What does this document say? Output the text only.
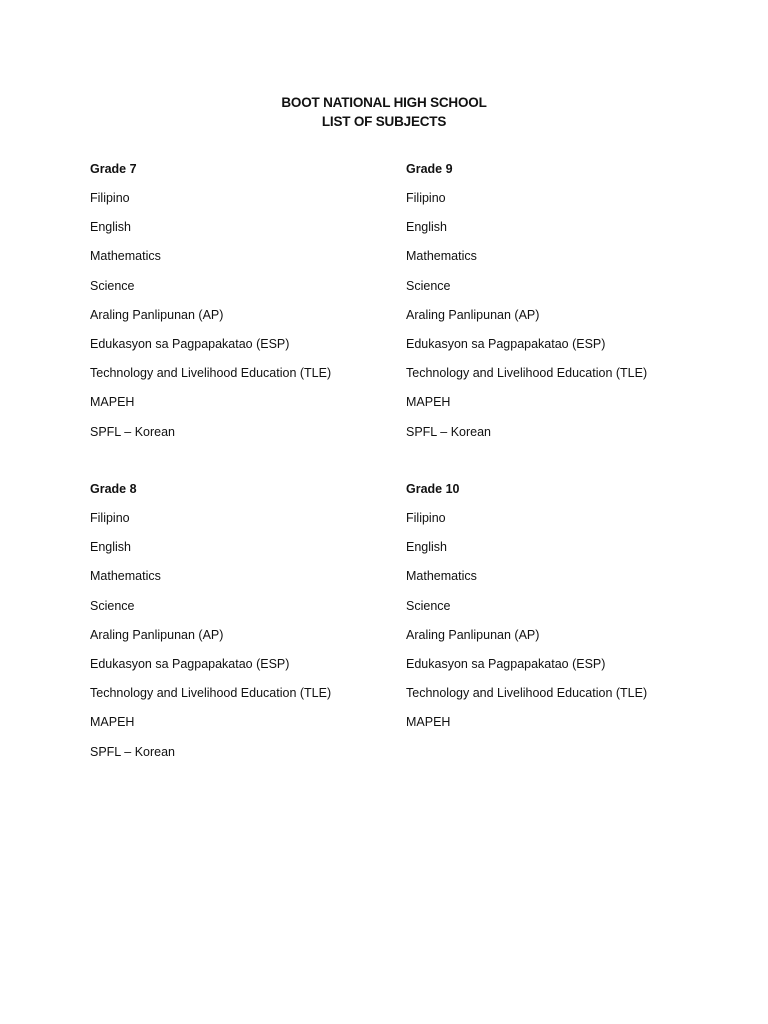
BOOT NATIONAL HIGH SCHOOL
LIST OF SUBJECTS
Grade 7
Filipino
English
Mathematics
Science
Araling Panlipunan (AP)
Edukasyon sa Pagpapakatao (ESP)
Technology and Livelihood Education (TLE)
MAPEH
SPFL – Korean
Grade 9
Filipino
English
Mathematics
Science
Araling Panlipunan (AP)
Edukasyon sa Pagpapakatao (ESP)
Technology and Livelihood Education (TLE)
MAPEH
SPFL – Korean
Grade 8
Filipino
English
Mathematics
Science
Araling Panlipunan (AP)
Edukasyon sa Pagpapakatao (ESP)
Technology and Livelihood Education (TLE)
MAPEH
SPFL – Korean
Grade 10
Filipino
English
Mathematics
Science
Araling Panlipunan (AP)
Edukasyon sa Pagpapakatao (ESP)
Technology and Livelihood Education (TLE)
MAPEH
